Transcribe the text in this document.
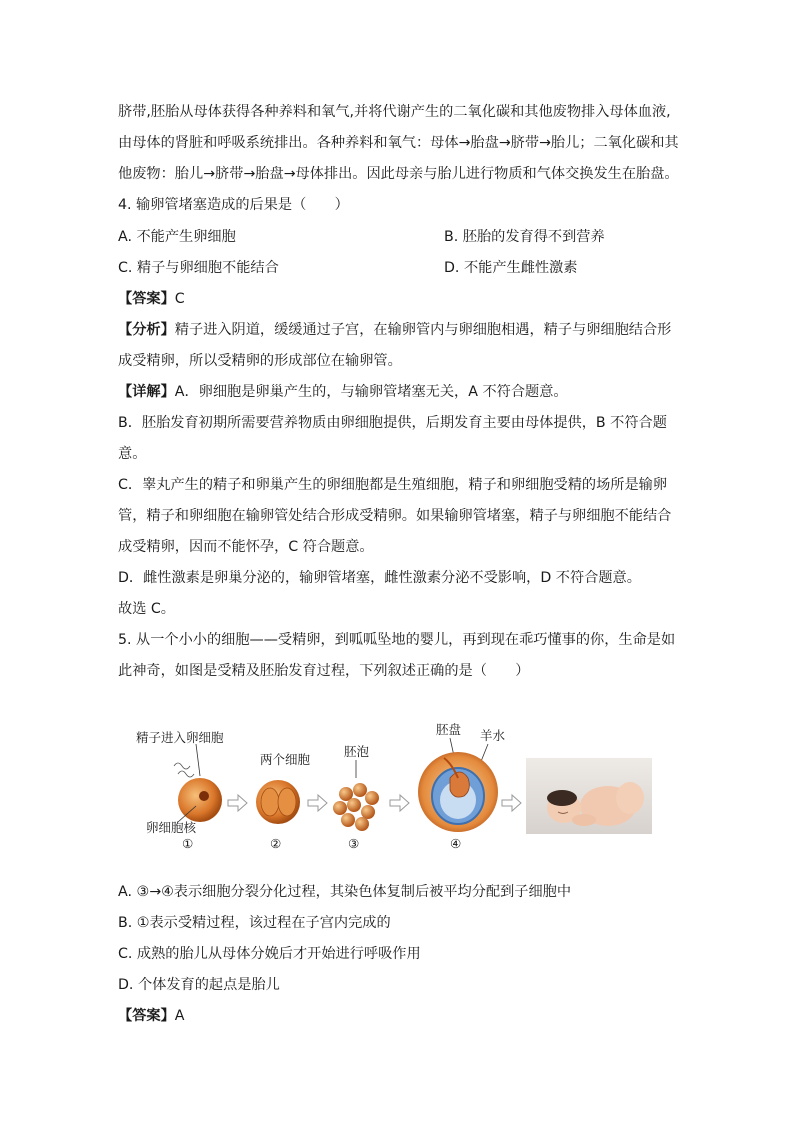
脐带,胚胎从母体获得各种养料和氧气,并将代谢产生的二氧化碳和其他废物排入母体血液,
由母体的肾脏和呼吸系统排出。各种养料和氧气：母体→胎盘→脐带→胎儿；二氧化碳和其
他废物：胎儿→脐带→胎盘→母体排出。因此母亲与胎儿进行物质和气体交换发生在胎盘。
4. 输卵管堵塞造成的后果是（　　）
A. 不能产生卵细胞	B. 胚胎的发育得不到营养
C. 精子与卵细胞不能结合	D. 不能产生雌性激素
【答案】C
【分析】精子进入阴道，缓缓通过子宫，在输卵管内与卵细胞相遇，精子与卵细胞结合形
成受精卵，所以受精卵的形成部位在输卵管。
【详解】A．卵细胞是卵巢产生的，与输卵管堵塞无关，A 不符合题意。
B．胚胎发育初期所需要营养物质由卵细胞提供，后期发育主要由母体提供，B 不符合题
意。
C．睾丸产生的精子和卵巢产生的卵细胞都是生殖细胞，精子和卵细胞受精的场所是输卵
管，精子和卵细胞在输卵管处结合形成受精卵。如果输卵管堵塞，精子与卵细胞不能结合
成受精卵，因而不能怀孕，C 符合题意。
D．雌性激素是卵巢分泌的，输卵管堵塞，雌性激素分泌不受影响，D 不符合题意。
故选 C。
5. 从一个小小的细胞——受精卵，到呱呱坠地的婴儿，再到现在乖巧懂事的你，生命是如
此神奇，如图是受精及胚胎发育过程，下列叙述正确的是（　　）
精子进入卵细胞
卵细胞核
①
两个细胞
②
胚泡
③
胚盘 羊水
④
A. ③→④表示细胞分裂分化过程，其染色体复制后被平均分配到子细胞中
B. ①表示受精过程，该过程在子宫内完成的
C. 成熟的胎儿从母体分娩后才开始进行呼吸作用
D. 个体发育的起点是胎儿
【答案】A
